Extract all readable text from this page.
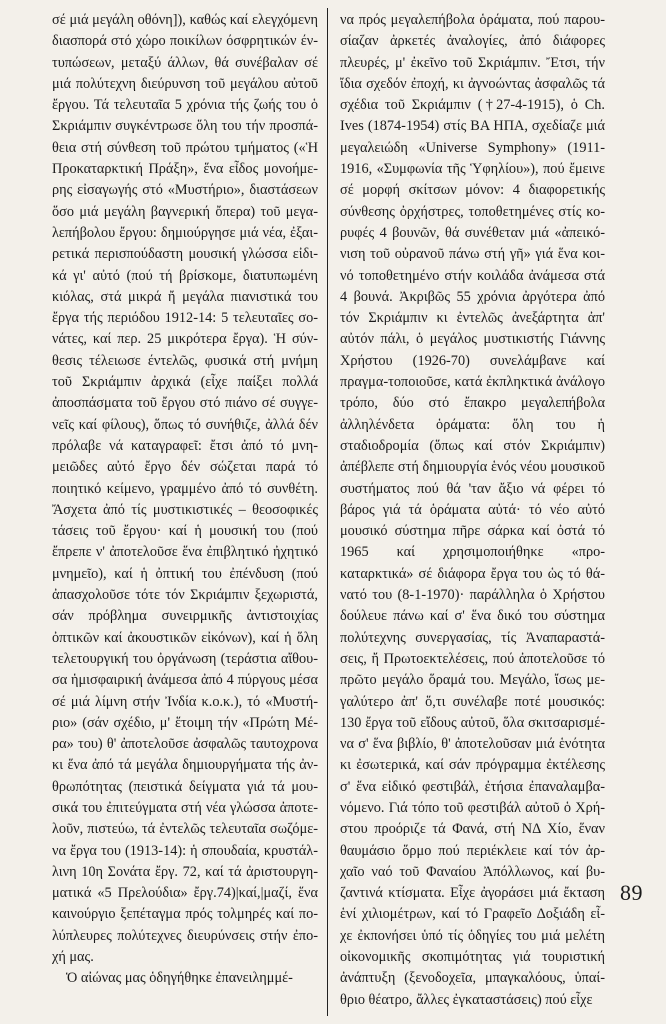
σέ μιά μεγάλη οθόνη]), καθώς καί ελεγχόμενη διασπορά στό χώρο ποικίλων όσφρητικών έν-τυπώσεων, μεταξύ άλλων, θά συνέβαλαν σέ μιά πολύτεχνη διεύρυνση τοῦ μεγάλου αὐτοῦ ἔργου. Τά τελευταῖα 5 χρόνια τής ζωής του ὁ Σκριάμπιν συγκέντρωσε ὅλη του τήν προσπά-θεια στή σύνθεση τοῦ πρώτου τμήματος («Ἡ Προκαταρκτική Πράξη», ἕνα εἶδος μονοήμε-ρης εἰσαγωγής στό «Μυστήριο», διαστάσεων ὅσο μιά μεγάλη βαγνερική ὄπερα) τοῦ μεγα-λεπήβολου ἔργου: δημιούργησε μιά νέα, ἐξαι-ρετικά περισπούδαστη μουσική γλώσσα εἰδι-κά γι' αὐτό (πού τή βρίσκομε, διατυπωμένη κιόλας, στά μικρά ἤ μεγάλα πιανιστικά του ἔργα τής περιόδου 1912-14: 5 τελευταῖες σο-νάτες, καί περ. 25 μικρότερα ἔργα). Ἡ σύν-θεσις τέλειωσε έντελῶς, φυσικά στή μνήμη τοῦ Σκριάμπιν ἀρχικά (εἶχε παίξει πολλά ἀποσπάσματα τοῦ ἔργου στό πιάνο σέ συγγε-νεῖς καί φίλους), ὅπως τό συνήθιζε, ἀλλά δέν πρόλαβε νά καταγραφεῖ: ἔτσι ἀπό τό μνη-μειῶδες αὐτό ἔργο δέν σώζεται παρά τό ποιητικό κείμενο, γραμμένο ἀπό τό συνθέτη. Ἄσχετα ἀπό τίς μυστικιστικές – θεοσοφικές τάσεις τοῦ ἔργου· καί ἡ μουσική του (πού ἔπρεπε ν' ἀποτελοῦσε ἕνα ἐπιβλητικό ἠχητικό μνημεῖο), καί ἡ ὀπτική του ἐπένδυση (πού ἀπασχολοῦσε τότε τόν Σκριάμπιν ξεχωριστά, σάν πρόβλημα συνειρμικῆς ἀντιστοιχίας ὀπτικῶν καί ἀκουστικῶν εἰκόνων), καί ἡ ὅλη τελετουργική του ὀργάνωση (τεράστια αἴθου-σα ἡμισφαιρική ἀνάμεσα ἀπό 4 πύργους μέσα σέ μιά λίμνη στήν Ἰνδία κ.ο.κ.), τό «Μυστή-ριο» (σάν σχέδιο, μ' ἕτοιμη τήν «Πρώτη Μέ-ρα» του) θ' ἀποτελοῦσε ἀσφαλῶς ταυτοχρονα κι ἕνα ἀπό τά μεγάλα δημιουργήματα τής ἀν-θρωπότητας (πειστικά δείγματα γιά τά μου-σικά του ἐπιτεύγματα στή νέα γλώσσα ἀποτε-λοῦν, πιστεύω, τά ἐντελῶς τελευταῖα σωζόμε-να ἔργα του (1913-14): ἡ σπουδαία, κρυστάλ-λινη 10η Σονάτα ἔργ. 72, καί τά ἀριστουργη-ματικά «5 Πρελούδια» ἔργ.74)|καί,|μαζί, ἕνα καινούργιο ξεπέταγμα πρός τολμηρές καί πο-λύπλευρες πολύτεχνες διευρύνσεις στήν ἐπο-χή μας.

Ὁ αἰώνας μας ὁδηγήθηκε ἐπανειλημμέ-

να πρός μεγαλεπήβολα ὁράματα, πού παρου-σίαζαν ἀρκετές ἀναλογίες, ἀπό διάφορες πλευρές, μ' ἐκεῖνο τοῦ Σκριάμπιν. Ἔτσι, τήν ἴδια σχεδόν ἐποχή, κι ἀγνοώντας ἀσφαλῶς τά σχέδια τοῦ Σκριάμπιν (†27-4-1915), ὁ Ch. Ives (1874-1954) στίς ΒΑ ΗΠΑ, σχεδίαζε μιά μεγαλειώδη «Universe Symphony» (1911-1916, «Συμφωνία τῆς Ὑφηλίου»), πού ἔμεινε σέ μορφή σκίτσων μόνον: 4 διαφορετικής σύνθεσης ὀρχήστρες, τοποθετημένες στίς κο-ρυφές 4 βουνῶν, θά συνέθεταν μιά «ἀπεικό-νιση τοῦ οὐρανοῦ πάνω στή γῆ» γιά ἕνα κοι-νό τοποθετημένο στήν κοιλάδα ἀνάμεσα στά 4 βουνά. Ἀκριβῶς 55 χρόνια ἀργότερα ἀπό τόν Σκριάμπιν κι ἐντελῶς ἀνεξάρτητα ἀπ' αὐτόν πάλι, ὁ μεγάλος μυστικιστής Γιάννης Χρήστου (1926-70) συνελάμβανε καί πραγμα-τοποιοῦσε, κατά ἐκπληκτικά ἀνάλογο τρόπο, δύο στό ἔπακρο μεγαλεπήβολα ἀλληλένδετα ὁράματα: ὅλη του ἡ σταδιοδρομία (ὅπως καί στόν Σκριάμπιν) ἀπέβλεπε στή δημιουργία ἑνός νέου μουσικοῦ συστήματος πού θά 'ταν ἄξιο νά φέρει τό βάρος γιά τά ὁράματα αὐτά· τό νέο αὐτό μουσικό σύστημα πῆρε σάρκα καί ὀστά τό 1965 καί χρησιμοποιήθηκε «προ-καταρκτικά» σέ διάφορα ἔργα του ὡς τό θά-νατό του (8-1-1970)· παράλληλα ὁ Χρήστου δούλευε πάνω καί σ' ἕνα δικό του σύστημα πολύτεχνης συνεργασίας, τίς Ἀναπαραστά-σεις, ἤ Πρωτοεκτελέσεις, πού ἀποτελοῦσε τό πρῶτο μεγάλο ὅραμά του. Μεγάλο, ἴσως με-γαλύτερο ἀπ' ὅ,τι συνέλαβε ποτέ μουσικός: 130 ἔργα τοῦ εἴδους αὐτοῦ, ὅλα σκιτσαρισμέ-να σ' ἕνα βιβλίο, θ' ἀποτελοῦσαν μιά ἑνότητα κι ἐσωτερικά, καί σάν πρόγραμμα ἐκτέλεσης σ' ἕνα εἰδικό φεστιβάλ, ἐτήσια ἐπαναλαμβα-νόμενο. Γιά τόπο τοῦ φεστιβάλ αὐτοῦ ὁ Χρή-στου προόριζε τά Φανά, στή ΝΔ Χίο, ἕναν θαυμάσιο ὅρμο πού περιέκλειε καί τόν ἀρ-χαῖο ναό τοῦ Φαναίου Ἀπόλλωνος, καί βυ-ζαντινά κτίσματα. Εἶχε ἀγοράσει μιά ἔκταση ἑνί χιλιομέτρων, καί τό Γραφεῖο Δοξιάδη εἶ-χε ἐκπονήσει ὑπό τίς ὁδηγίες του μιά μελέτη οἰκονομικῆς σκοπιμότητας γιά τουριστική ἀνάπτυξη (ξενοδοχεῖα, μπαγκαλόους, ὑπαί-θριο θέατρο, ἄλλες ἐγκαταστάσεις) πού εἶχε

89
